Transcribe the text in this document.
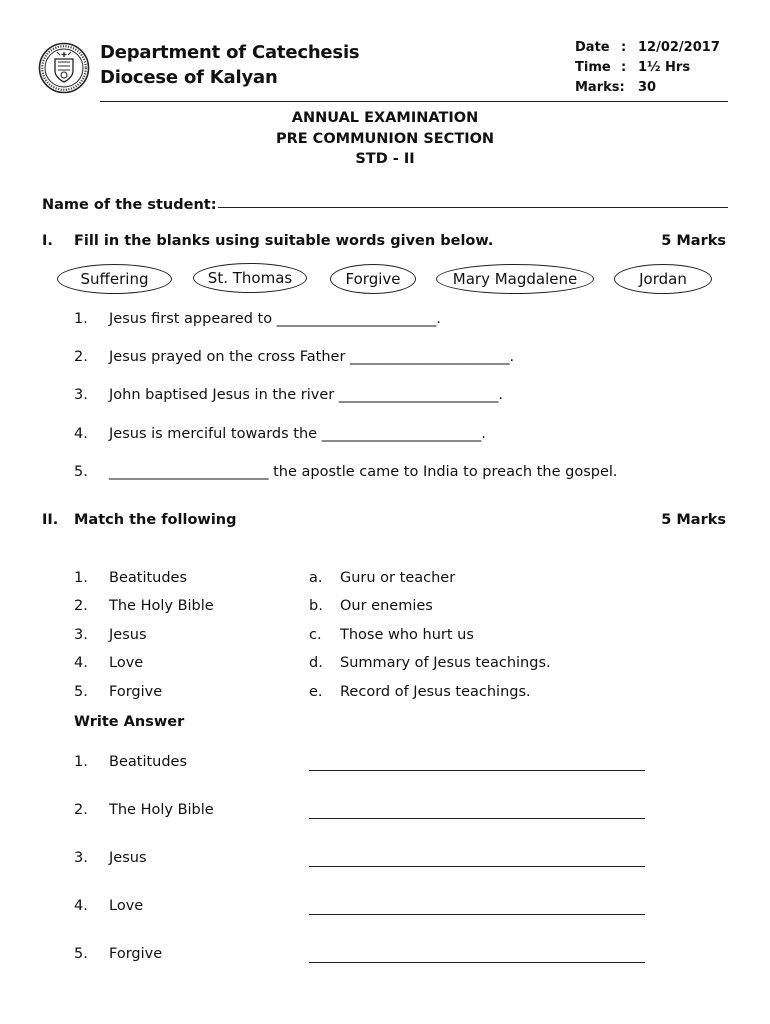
Department of Catechesis
Diocese of Kalyan
Date : 12/02/2017
Time : 1½ Hrs
Marks: 30
ANNUAL EXAMINATION
PRE COMMUNION SECTION
STD - II
Name of the student:
I. Fill in the blanks using suitable words given below.	5 Marks
Suffering	St. Thomas	Forgive	Mary Magdalene	Jordan
1. Jesus first appeared to ______________________.
2. Jesus prayed on the cross Father ______________________.
3. John baptised Jesus in the river ______________________.
4. Jesus is merciful towards the ______________________.
5. ______________________ the apostle came to India to preach the gospel.
II. Match the following	5 Marks
1. Beatitudes	a. Guru or teacher
2. The Holy Bible	b. Our enemies
3. Jesus	c. Those who hurt us
4. Love	d. Summary of Jesus teachings.
5. Forgive	e. Record of Jesus teachings.
Write Answer
1. Beatitudes
2. The Holy Bible
3. Jesus
4. Love
5. Forgive
